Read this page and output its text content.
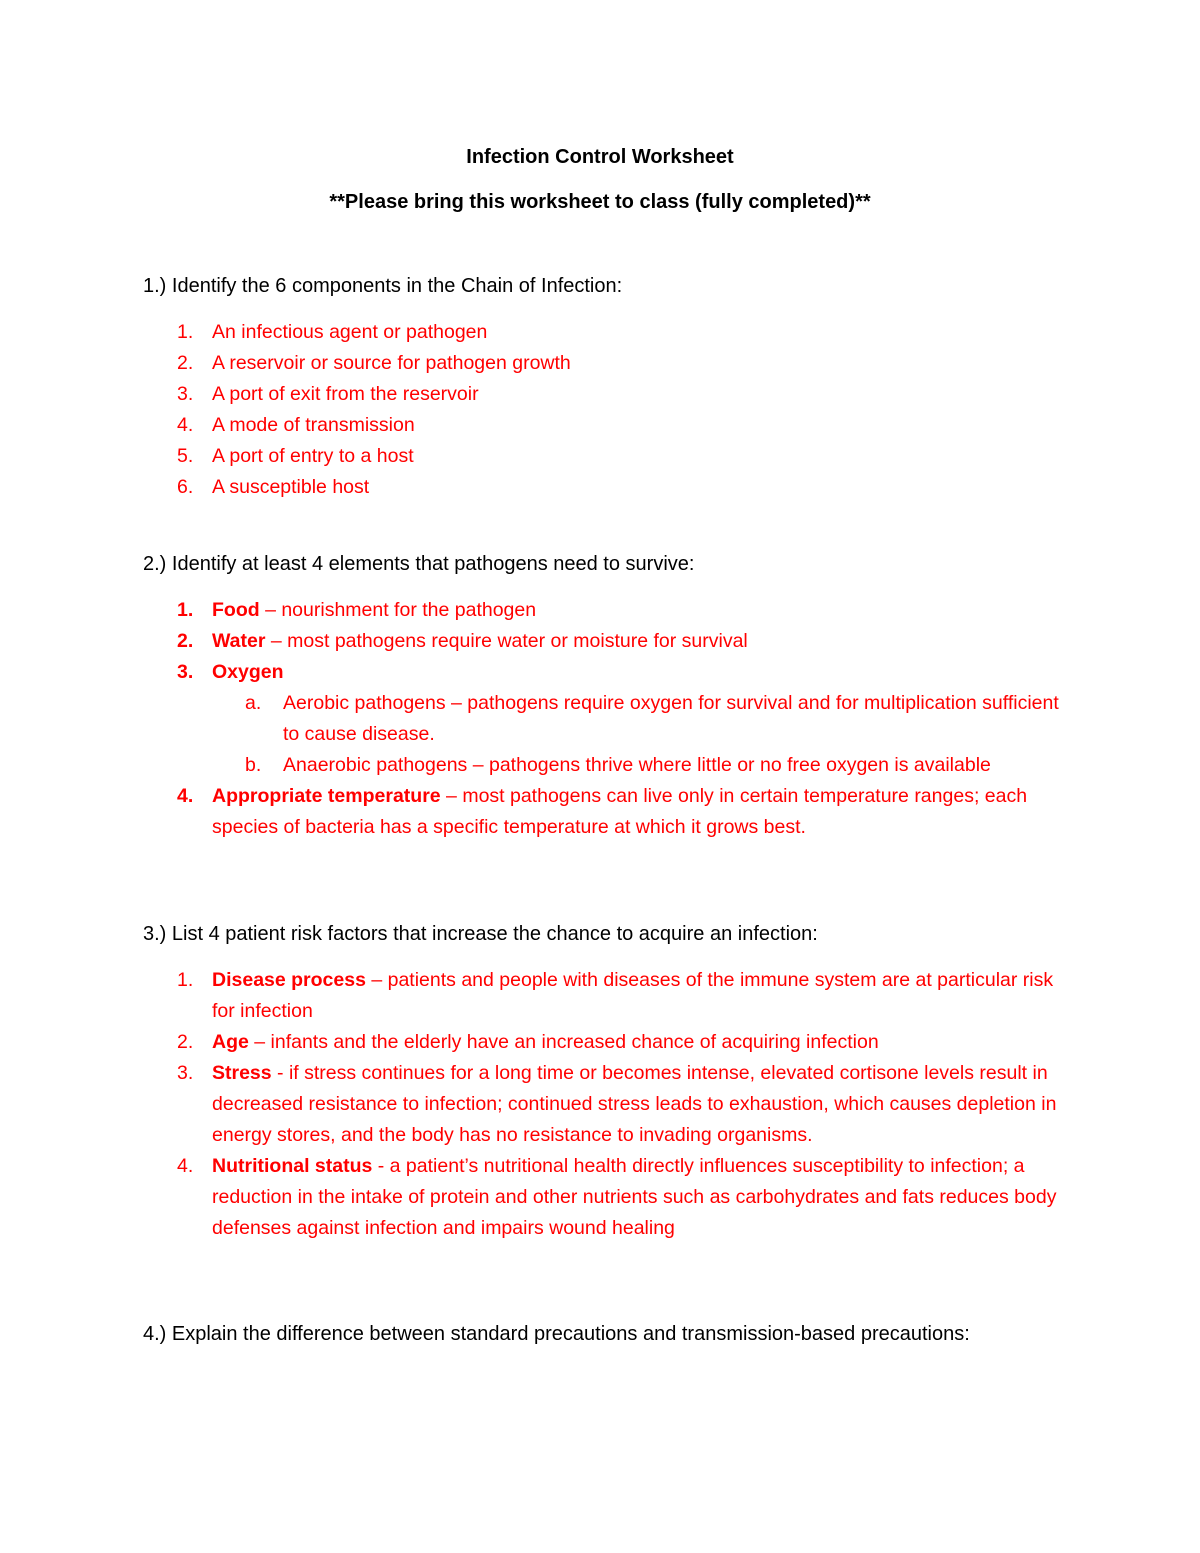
Infection Control Worksheet
**Please bring this worksheet to class (fully completed)**
1.) Identify the 6 components in the Chain of Infection:
1. An infectious agent or pathogen
2. A reservoir or source for pathogen growth
3. A port of exit from the reservoir
4. A mode of transmission
5. A port of entry to a host
6. A susceptible host
2.) Identify at least 4 elements that pathogens need to survive:
1. Food – nourishment for the pathogen
2. Water – most pathogens require water or moisture for survival
3. Oxygen
a. Aerobic pathogens – pathogens require oxygen for survival and for multiplication sufficient to cause disease.
b. Anaerobic pathogens – pathogens thrive where little or no free oxygen is available
4. Appropriate temperature – most pathogens can live only in certain temperature ranges; each species of bacteria has a specific temperature at which it grows best.
3.) List 4 patient risk factors that increase the chance to acquire an infection:
1. Disease process – patients and people with diseases of the immune system are at particular risk for infection
2. Age – infants and the elderly have an increased chance of acquiring infection
3. Stress - if stress continues for a long time or becomes intense, elevated cortisone levels result in decreased resistance to infection; continued stress leads to exhaustion, which causes depletion in energy stores, and the body has no resistance to invading organisms.
4. Nutritional status - a patient’s nutritional health directly influences susceptibility to infection; a reduction in the intake of protein and other nutrients such as carbohydrates and fats reduces body defenses against infection and impairs wound healing
4.) Explain the difference between standard precautions and transmission-based precautions:
